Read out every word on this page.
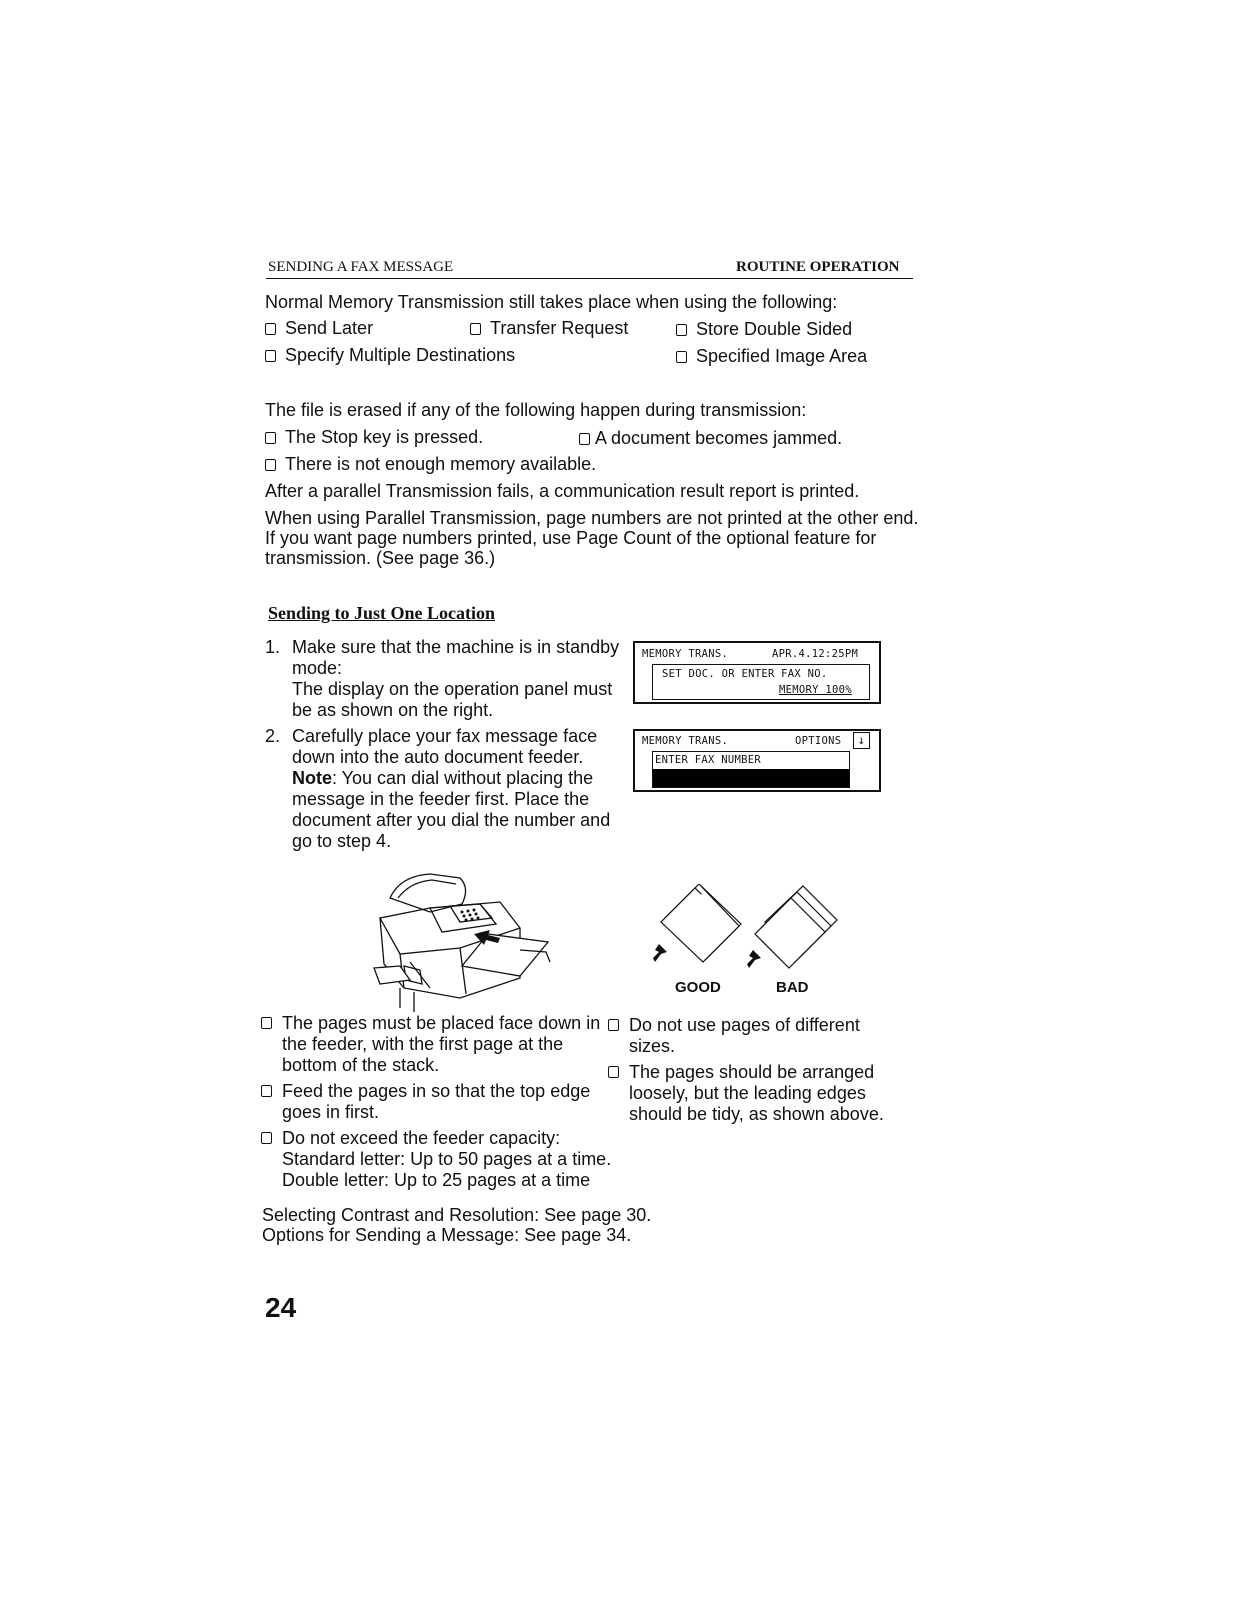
SENDING A FAX MESSAGE	ROUTINE OPERATION
Normal Memory Transmission still takes place when using the following:
Send Later	Transfer Request	Store Double Sided
Specify Multiple Destinations	Specified Image Area
The file is erased if any of the following happen during transmission:
The Stop key is pressed.	A document becomes jammed.
There is not enough memory available.
After a parallel Transmission fails, a communication result report is printed.
When using Parallel Transmission, page numbers are not printed at the other end.
If you want page numbers printed, use Page Count of the optional feature for
transmission. (See page 36.)
Sending to Just One Location
1. Make sure that the machine is in standby
mode:
The display on the operation panel must
be as shown on the right.
2. Carefully place your fax message face
down into the auto document feeder.
Note: You can dial without placing the
message in the feeder first. Place the
document after you dial the number and
go to step 4.
MEMORY TRANS.	APR.4.12:25PM
SET DOC. OR ENTER FAX NO.
MEMORY 100%
MEMORY TRANS.	OPTIONS	↓
ENTER FAX NUMBER
GOOD	BAD
The pages must be placed face down in
the feeder, with the first page at the
bottom of the stack.
Feed the pages in so that the top edge
goes in first.
Do not exceed the feeder capacity:
Standard letter: Up to 50 pages at a time.
Double letter: Up to 25 pages at a time
Do not use pages of different
sizes.
The pages should be arranged
loosely, but the leading edges
should be tidy, as shown above.
Selecting Contrast and Resolution: See page 30.
Options for Sending a Message: See page 34.
24
